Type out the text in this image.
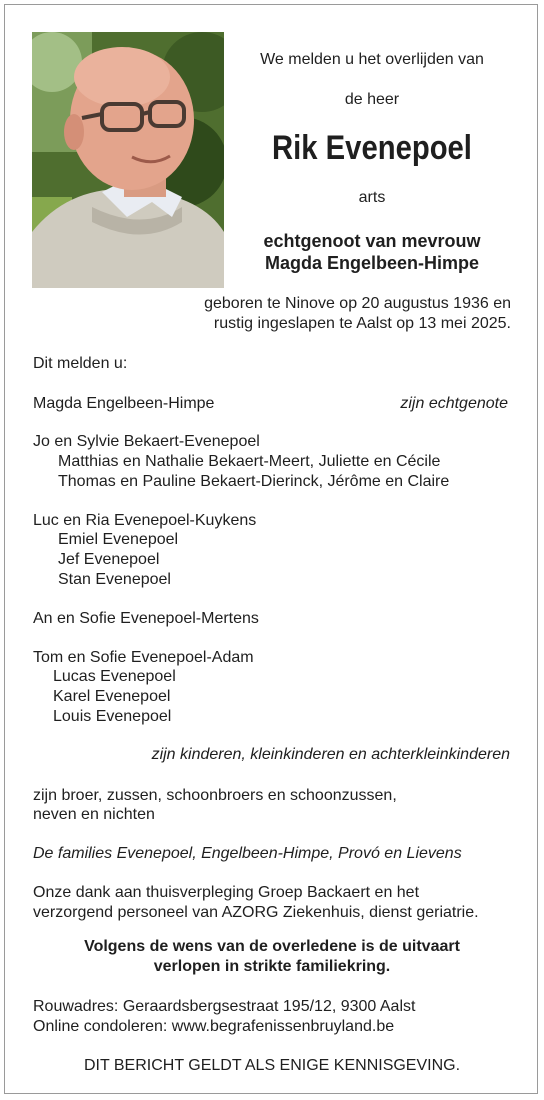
We melden u het overlijden van
de heer
Rik Evenepoel
arts
echtgenoot van mevrouw
Magda Engelbeen-Himpe
geboren te Ninove op 20 augustus 1936 en
rustig ingeslapen te Aalst op 13 mei 2025.
Dit melden u:
Magda Engelbeen-Himpe	zijn echtgenote
Jo en Sylvie Bekaert-Evenepoel
Matthias en Nathalie Bekaert-Meert, Juliette en Cécile
Thomas en Pauline Bekaert-Dierinck, Jérôme en Claire
Luc en Ria Evenepoel-Kuykens
Emiel Evenepoel
Jef Evenepoel
Stan Evenepoel
An en Sofie Evenepoel-Mertens
Tom en Sofie Evenepoel-Adam
Lucas Evenepoel
Karel Evenepoel
Louis Evenepoel
zijn kinderen, kleinkinderen en achterkleinkinderen
zijn broer, zussen, schoonbroers en schoonzussen,
neven en nichten
De families Evenepoel, Engelbeen-Himpe, Provó en Lievens
Onze dank aan thuisverpleging Groep Backaert en het
verzorgend personeel van AZORG Ziekenhuis, dienst geriatrie.
Volgens de wens van de overledene is de uitvaart
verlopen in strikte familiekring.
Rouwadres: Geraardsbergsestraat 195/12, 9300 Aalst
Online condoleren: www.begrafenissenbruyland.be
DIT BERICHT GELDT ALS ENIGE KENNISGEVING.
